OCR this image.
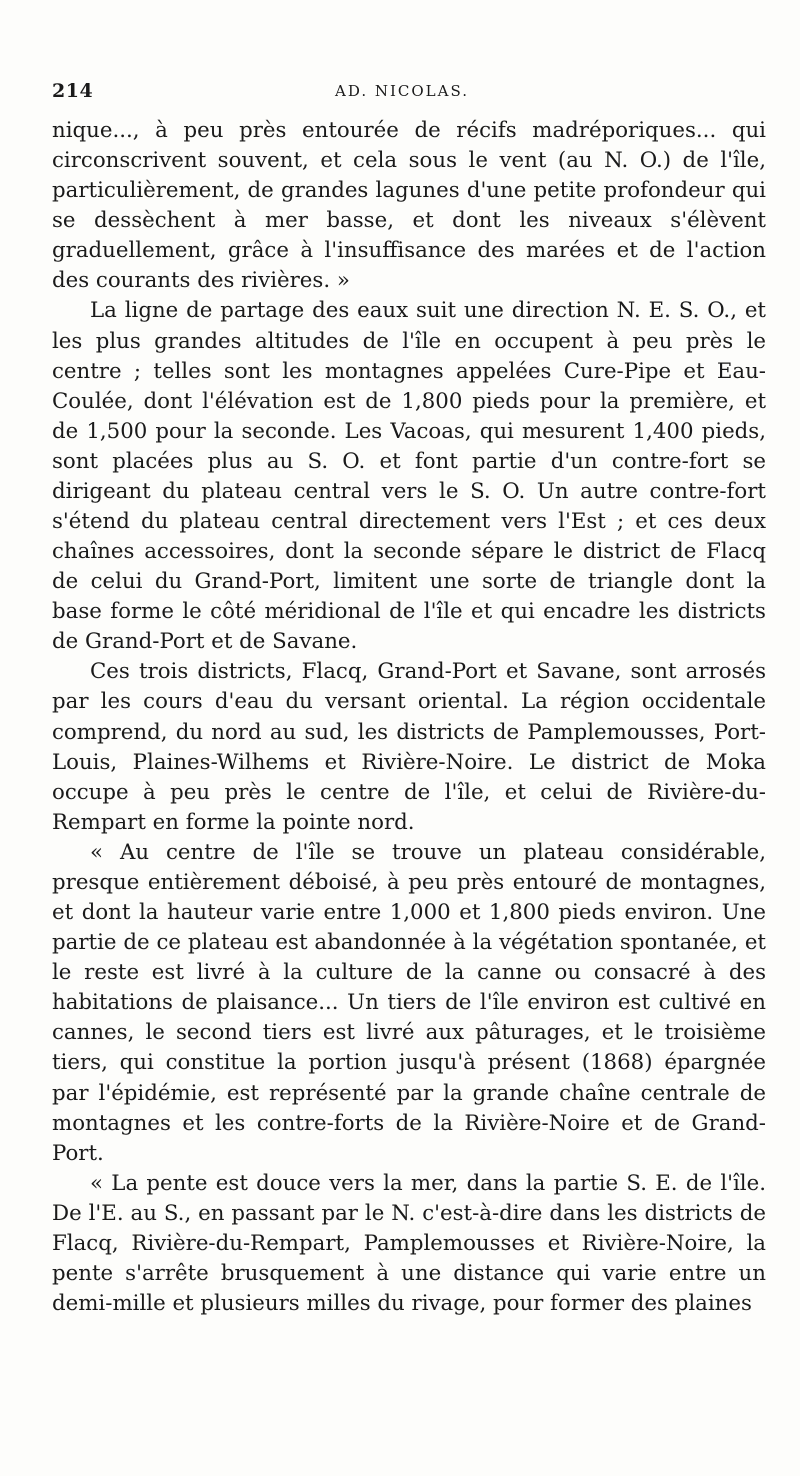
214	AD. NICOLAS.

nique..., à peu près entourée de récifs madréporiques... qui circonscrivent souvent, et cela sous le vent (au N. O.) de l'île, particulièrement, de grandes lagunes d'une petite profondeur qui se dessèchent à mer basse, et dont les niveaux s'élèvent graduellement, grâce à l'insuffisance des marées et de l'action des courants des rivières. »

La ligne de partage des eaux suit une direction N. E. S. O., et les plus grandes altitudes de l'île en occupent à peu près le centre ; telles sont les montagnes appelées Cure-Pipe et Eau-Coulée, dont l'élévation est de 1,800 pieds pour la première, et de 1,500 pour la seconde. Les Vacoas, qui mesurent 1,400 pieds, sont placées plus au S. O. et font partie d'un contre-fort se dirigeant du plateau central vers le S. O. Un autre contre-fort s'étend du plateau central directement vers l'Est ; et ces deux chaînes accessoires, dont la seconde sépare le district de Flacq de celui du Grand-Port, limitent une sorte de triangle dont la base forme le côté méridional de l'île et qui encadre les districts de Grand-Port et de Savane.

Ces trois districts, Flacq, Grand-Port et Savane, sont arrosés par les cours d'eau du versant oriental. La région occidentale comprend, du nord au sud, les districts de Pamplemousses, Port-Louis, Plaines-Wilhems et Rivière-Noire. Le district de Moka occupe à peu près le centre de l'île, et celui de Rivière-du-Rempart en forme la pointe nord.

« Au centre de l'île se trouve un plateau considérable, presque entièrement déboisé, à peu près entouré de montagnes, et dont la hauteur varie entre 1,000 et 1,800 pieds environ. Une partie de ce plateau est abandonnée à la végétation spontanée, et le reste est livré à la culture de la canne ou consacré à des habitations de plaisance... Un tiers de l'île environ est cultivé en cannes, le second tiers est livré aux pâturages, et le troisième tiers, qui constitue la portion jusqu'à présent (1868) épargnée par l'épidémie, est représenté par la grande chaîne centrale de montagnes et les contre-forts de la Rivière-Noire et de Grand-Port.

« La pente est douce vers la mer, dans la partie S. E. de l'île. De l'E. au S., en passant par le N. c'est-à-dire dans les districts de Flacq, Rivière-du-Rempart, Pamplemousses et Rivière-Noire, la pente s'arrête brusquement à une distance qui varie entre un demi-mille et plusieurs milles du rivage, pour former des plaines
